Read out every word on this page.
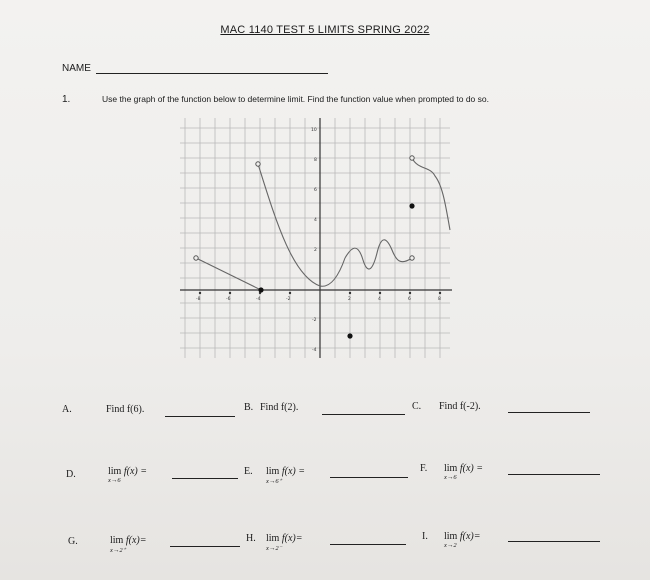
MAC 1140 TEST 5 LIMITS SPRING 2022
NAME
1.	Use the graph of the function below to determine limit. Find the function value when prompted to do so.
10
8
6
4
2
-2
-4
-8	-6	-4	-2	2	4	6	8
A.	Find f(6).	B. Find f(2).	C. Find f(-2).
D.	lim f(x) =
x→6
E. lim f(x) =
x→6⁺
F. lim f(x) =
x→6
G.	lim f(x)=
x→2⁺
H. lim f(x)=
x→2⁻
I. lim f(x)=
x→2
